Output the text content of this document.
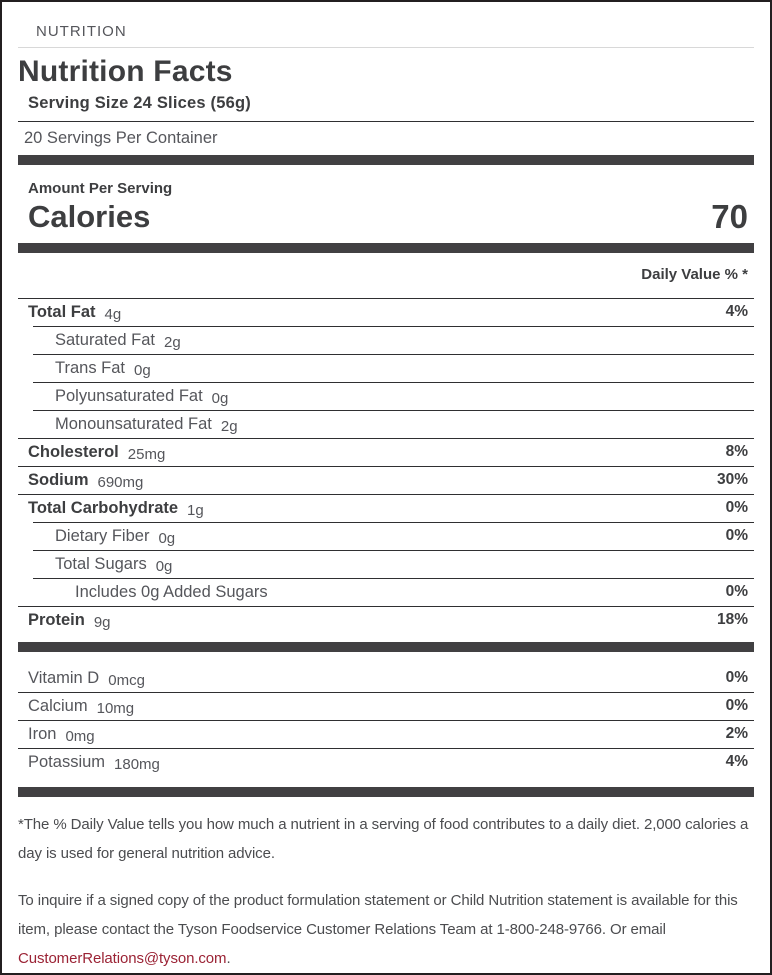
NUTRITION
Nutrition Facts
Serving Size 24 Slices (56g)
20 Servings Per Container
Amount Per Serving
Calories	70
Daily Value % *
Total Fat 4g	4%
Saturated Fat 2g
Trans Fat 0g
Polyunsaturated Fat 0g
Monounsaturated Fat 2g
Cholesterol 25mg	8%
Sodium 690mg	30%
Total Carbohydrate 1g	0%
Dietary Fiber 0g	0%
Total Sugars 0g
Includes 0g Added Sugars	0%
Protein 9g	18%
Vitamin D 0mcg	0%
Calcium 10mg	0%
Iron 0mg	2%
Potassium 180mg	4%

*The % Daily Value tells you how much a nutrient in a serving of food contributes to a daily diet. 2,000 calories a day is used for general nutrition advice.

To inquire if a signed copy of the product formulation statement or Child Nutrition statement is available for this item, please contact the Tyson Foodservice Customer Relations Team at 1-800-248-9766. Or email CustomerRelations@tyson.com.
